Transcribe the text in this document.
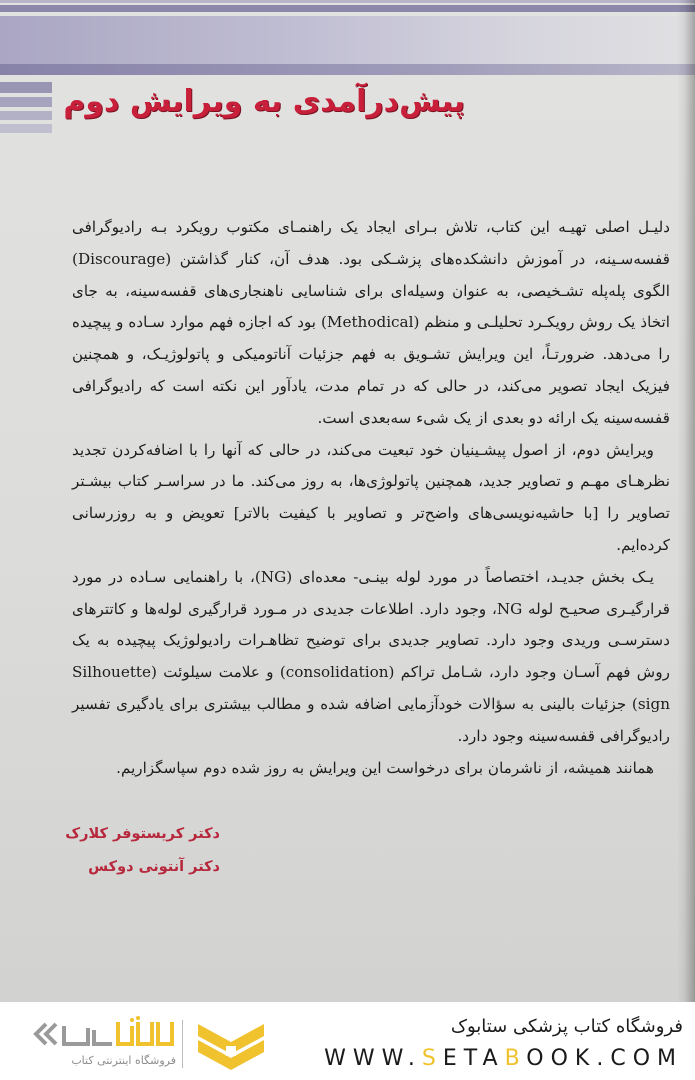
پیش‌درآمدی به ویرایش دوم

دلیـل اصلی تهیـه این کتاب، تلاش بـرای ایجاد یک راهنمـای مکتوب رویکرد بـه رادیوگرافی قفسه‌سـینه، در آموزش دانشکده‌های پزشـکی بود. هدف آن، کنار گذاشتن (Discourage) الگوی پله‌پله تشـخیصی، به عنوان وسیله‌ای برای شناسایی ناهنجاری‌های قفسه‌سینه، به جای اتخاذ یک روش رویکـرد تحلیلـی و منظم (Methodical) بود که اجازه فهم موارد سـاده و پیچیده را می‌دهد. ضرورتـاً، این ویرایش تشـویق به فهم جزئیات آناتومیکی و پاتولوژیـک، و همچنین فیزیک ایجاد تصویر می‌کند، در حالی که در تمام مدت، یادآور این نکته است که رادیوگرافی قفسه‌سینه یک ارائه دو بعدی از یک شیء سه‌بعدی است.

ویرایش دوم، از اصول پیشـینیان خود تبعیت می‌کند، در حالی که آنها را با اضافه‌کردن تجدید نظرهـای مهـم و تصاویر جدید، همچنین پاتولوژی‌ها، به روز می‌کند. ما در سراسـر کتاب بیشـتر تصاویر را [با حاشیه‌نویسی‌های واضح‌تر و تصاویر با کیفیت بالاتر] تعویض و به روزرسانی کرده‌ایم.

یـک بخش جدیـد، اختصاصاً در مورد لوله بینـی- معده‌ای (NG)، با راهنمایی سـاده در مورد قرارگیـری صحیـح لوله NG، وجود دارد. اطلاعات جدیدی در مـورد قرارگیری لوله‌ها و کاتترهای دسترسـی وریدی وجود دارد. تصاویر جدیدی برای توضیح تظاهـرات رادیولوژیک پیچیده به یک روش فهم آسـان وجود دارد، شـامل تراکم (consolidation) و علامت سیلوئت (Silhouette sign) جزئیات بالینی به سؤالات خودآزمایی اضافه شده و مطالب بیشتری برای یادگیری تفسیر رادیوگرافی قفسه‌سینه وجود دارد.

همانند همیشه، از ناشرمان برای درخواست این ویرایش به روز شده دوم سپاسگزاریم.

دکتر کریستوفر کلارک
دکتر آنتونی دوکس
فروشگاه اینترنتی کتاب
فروشگاه کتاب پزشکی ستابوک
WWW.SETABOOK.COM
